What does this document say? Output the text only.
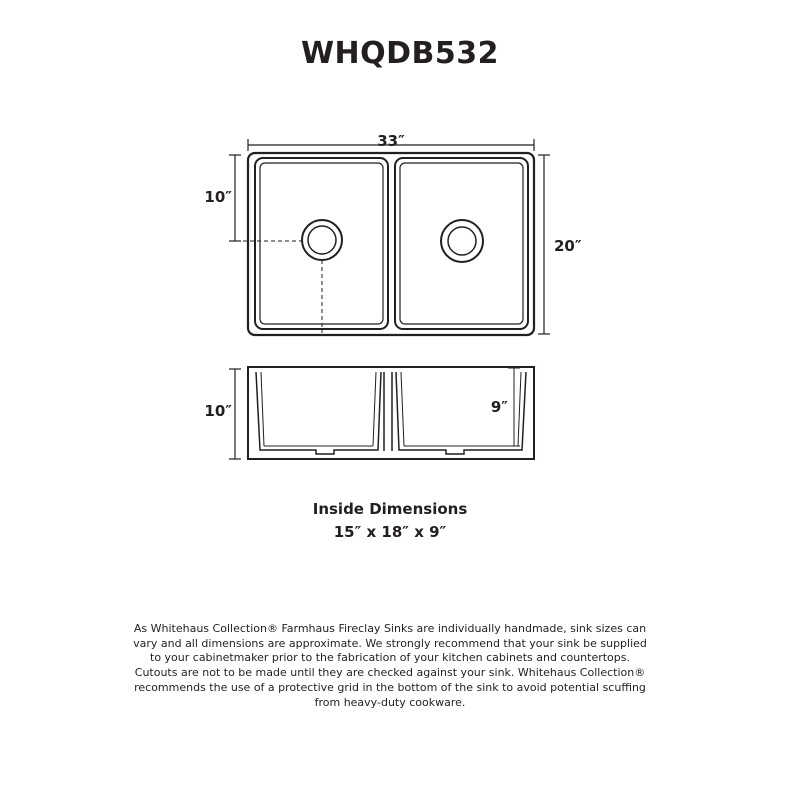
WHQDB532
33″
10″
20″
10″	9″
Inside Dimensions
15″ x 18″ x 9″
As Whitehaus Collection® Farmhaus Fireclay Sinks are individually handmade, sink sizes can
vary and all dimensions are approximate. We strongly recommend that your sink be supplied
to your cabinetmaker prior to the fabrication of your kitchen cabinets and countertops.
Cutouts are not to be made until they are checked against your sink. Whitehaus Collection®
recommends the use of a protective grid in the bottom of the sink to avoid potential scuffing
from heavy-duty cookware.
